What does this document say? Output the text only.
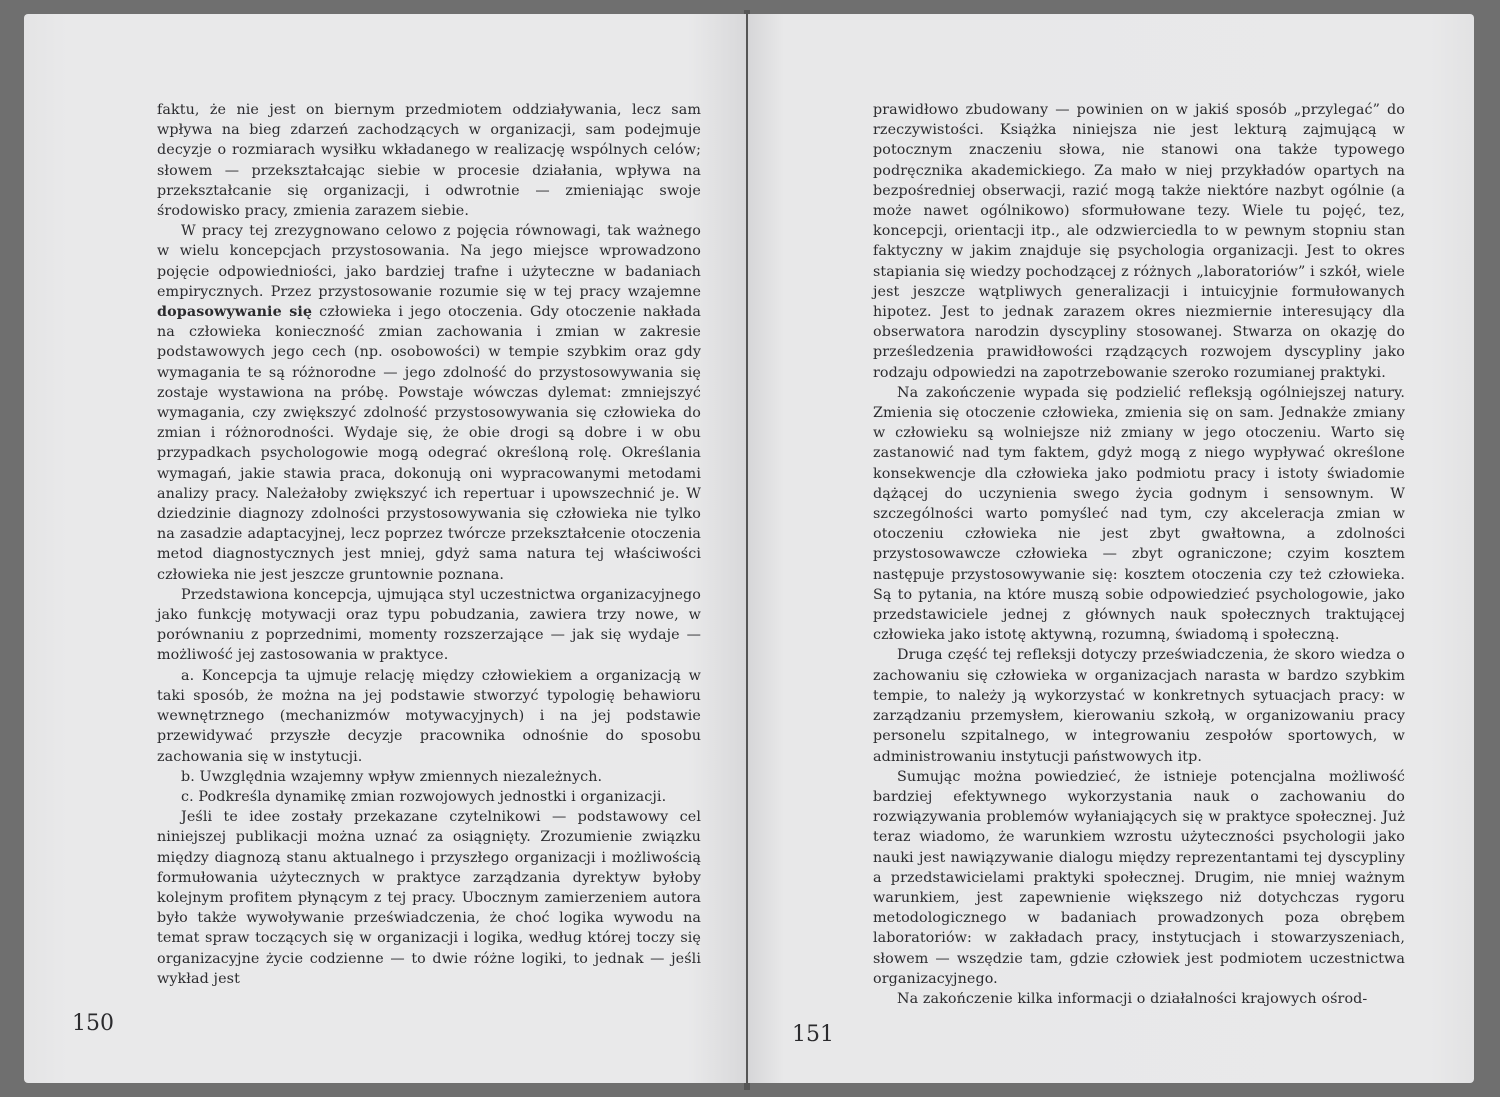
faktu, że nie jest on biernym przedmiotem oddziaływania, lecz sam wpływa na bieg zdarzeń zachodzących w organizacji, sam podejmuje decyzje o rozmiarach wysiłku wkładanego w realizację wspólnych celów; słowem — przekształcając siebie w procesie działania, wpływa na przekształcanie się organizacji, i odwrotnie — zmieniając swoje środowisko pracy, zmienia zarazem siebie.

W pracy tej zrezygnowano celowo z pojęcia równowagi, tak ważnego w wielu koncepcjach przystosowania. Na jego miejsce wprowadzono pojęcie odpowiedniości, jako bardziej trafne i użyteczne w badaniach empirycznych. Przez przystosowanie rozumie się w tej pracy wzajemne dopasowywanie się człowieka i jego otoczenia. Gdy otoczenie nakłada na człowieka konieczność zmian zachowania i zmian w zakresie podstawowych jego cech (np. osobowości) w tempie szybkim oraz gdy wymagania te są różnorodne — jego zdolność do przystosowywania się zostaje wystawiona na próbę. Powstaje wówczas dylemat: zmniejszyć wymagania, czy zwiększyć zdolność przystosowywania się człowieka do zmian i różnorodności. Wydaje się, że obie drogi są dobre i w obu przypadkach psychologowie mogą odegrać określoną rolę. Określania wymagań, jakie stawia praca, dokonują oni wypracowanymi metodami analizy pracy. Należałoby zwiększyć ich repertuar i upowszechnić je. W dziedzinie diagnozy zdolności przystosowywania się człowieka nie tylko na zasadzie adaptacyjnej, lecz poprzez twórcze przekształcenie otoczenia metod diagnostycznych jest mniej, gdyż sama natura tej właściwości człowieka nie jest jeszcze gruntownie poznana.

Przedstawiona koncepcja, ujmująca styl uczestnictwa organizacyjnego jako funkcję motywacji oraz typu pobudzania, zawiera trzy nowe, w porównaniu z poprzednimi, momenty rozszerzające — jak się wydaje — możliwość jej zastosowania w praktyce.

a. Koncepcja ta ujmuje relację między człowiekiem a organizacją w taki sposób, że można na jej podstawie stworzyć typologię behawioru wewnętrznego (mechanizmów motywacyjnych) i na jej podstawie przewidywać przyszłe decyzje pracownika odnośnie do sposobu zachowania się w instytucji.

b. Uwzględnia wzajemny wpływ zmiennych niezależnych.

c. Podkreśla dynamikę zmian rozwojowych jednostki i organizacji.

Jeśli te idee zostały przekazane czytelnikowi — podstawowy cel niniejszej publikacji można uznać za osiągnięty. Zrozumienie związku między diagnozą stanu aktualnego i przyszłego organizacji i możliwością formułowania użytecznych w praktyce zarządzania dyrektyw byłoby kolejnym profitem płynącym z tej pracy. Ubocznym zamierzeniem autora było także wywoływanie przeświadczenia, że choć logika wywodu na temat spraw toczących się w organizacji i logika, według której toczy się organizacyjne życie codzienne — to dwie różne logiki, to jednak — jeśli wykład jest

150

prawidłowo zbudowany — powinien on w jakiś sposób „przylegać” do rzeczywistości. Książka niniejsza nie jest lekturą zajmującą w potocznym znaczeniu słowa, nie stanowi ona także typowego podręcznika akademickiego. Za mało w niej przykładów opartych na bezpośredniej obserwacji, razić mogą także niektóre nazbyt ogólnie (a może nawet ogólnikowo) sformułowane tezy. Wiele tu pojęć, tez, koncepcji, orientacji itp., ale odzwierciedla to w pewnym stopniu stan faktyczny w jakim znajduje się psychologia organizacji. Jest to okres stapiania się wiedzy pochodzącej z różnych „laboratoriów” i szkół, wiele jest jeszcze wątpliwych generalizacji i intuicyjnie formułowanych hipotez. Jest to jednak zarazem okres niezmiernie interesujący dla obserwatora narodzin dyscypliny stosowanej. Stwarza on okazję do prześledzenia prawidłowości rządzących rozwojem dyscypliny jako rodzaju odpowiedzi na zapotrzebowanie szeroko rozumianej praktyki.

Na zakończenie wypada się podzielić refleksją ogólniejszej natury. Zmienia się otoczenie człowieka, zmienia się on sam. Jednakże zmiany w człowieku są wolniejsze niż zmiany w jego otoczeniu. Warto się zastanowić nad tym faktem, gdyż mogą z niego wypływać określone konsekwencje dla człowieka jako podmiotu pracy i istoty świadomie dążącej do uczynienia swego życia godnym i sensownym. W szczególności warto pomyśleć nad tym, czy akceleracja zmian w otoczeniu człowieka nie jest zbyt gwałtowna, a zdolności przystosowawcze człowieka — zbyt ograniczone; czyim kosztem następuje przystosowywanie się: kosztem otoczenia czy też człowieka. Są to pytania, na które muszą sobie odpowiedzieć psychologowie, jako przedstawiciele jednej z głównych nauk społecznych traktującej człowieka jako istotę aktywną, rozumną, świadomą i społeczną.

Druga część tej refleksji dotyczy przeświadczenia, że skoro wiedza o zachowaniu się człowieka w organizacjach narasta w bardzo szybkim tempie, to należy ją wykorzystać w konkretnych sytuacjach pracy: w zarządzaniu przemysłem, kierowaniu szkołą, w organizowaniu pracy personelu szpitalnego, w integrowaniu zespołów sportowych, w administrowaniu instytucji państwowych itp.

Sumując można powiedzieć, że istnieje potencjalna możliwość bardziej efektywnego wykorzystania nauk o zachowaniu do rozwiązywania problemów wyłaniających się w praktyce społecznej. Już teraz wiadomo, że warunkiem wzrostu użyteczności psychologii jako nauki jest nawiązywanie dialogu między reprezentantami tej dyscypliny a przedstawicielami praktyki społecznej. Drugim, nie mniej ważnym warunkiem, jest zapewnienie większego niż dotychczas rygoru metodologicznego w badaniach prowadzonych poza obrębem laboratoriów: w zakładach pracy, instytucjach i stowarzyszeniach, słowem — wszędzie tam, gdzie człowiek jest podmiotem uczestnictwa organizacyjnego.

Na zakończenie kilka informacji o działalności krajowych ośrod-

151
